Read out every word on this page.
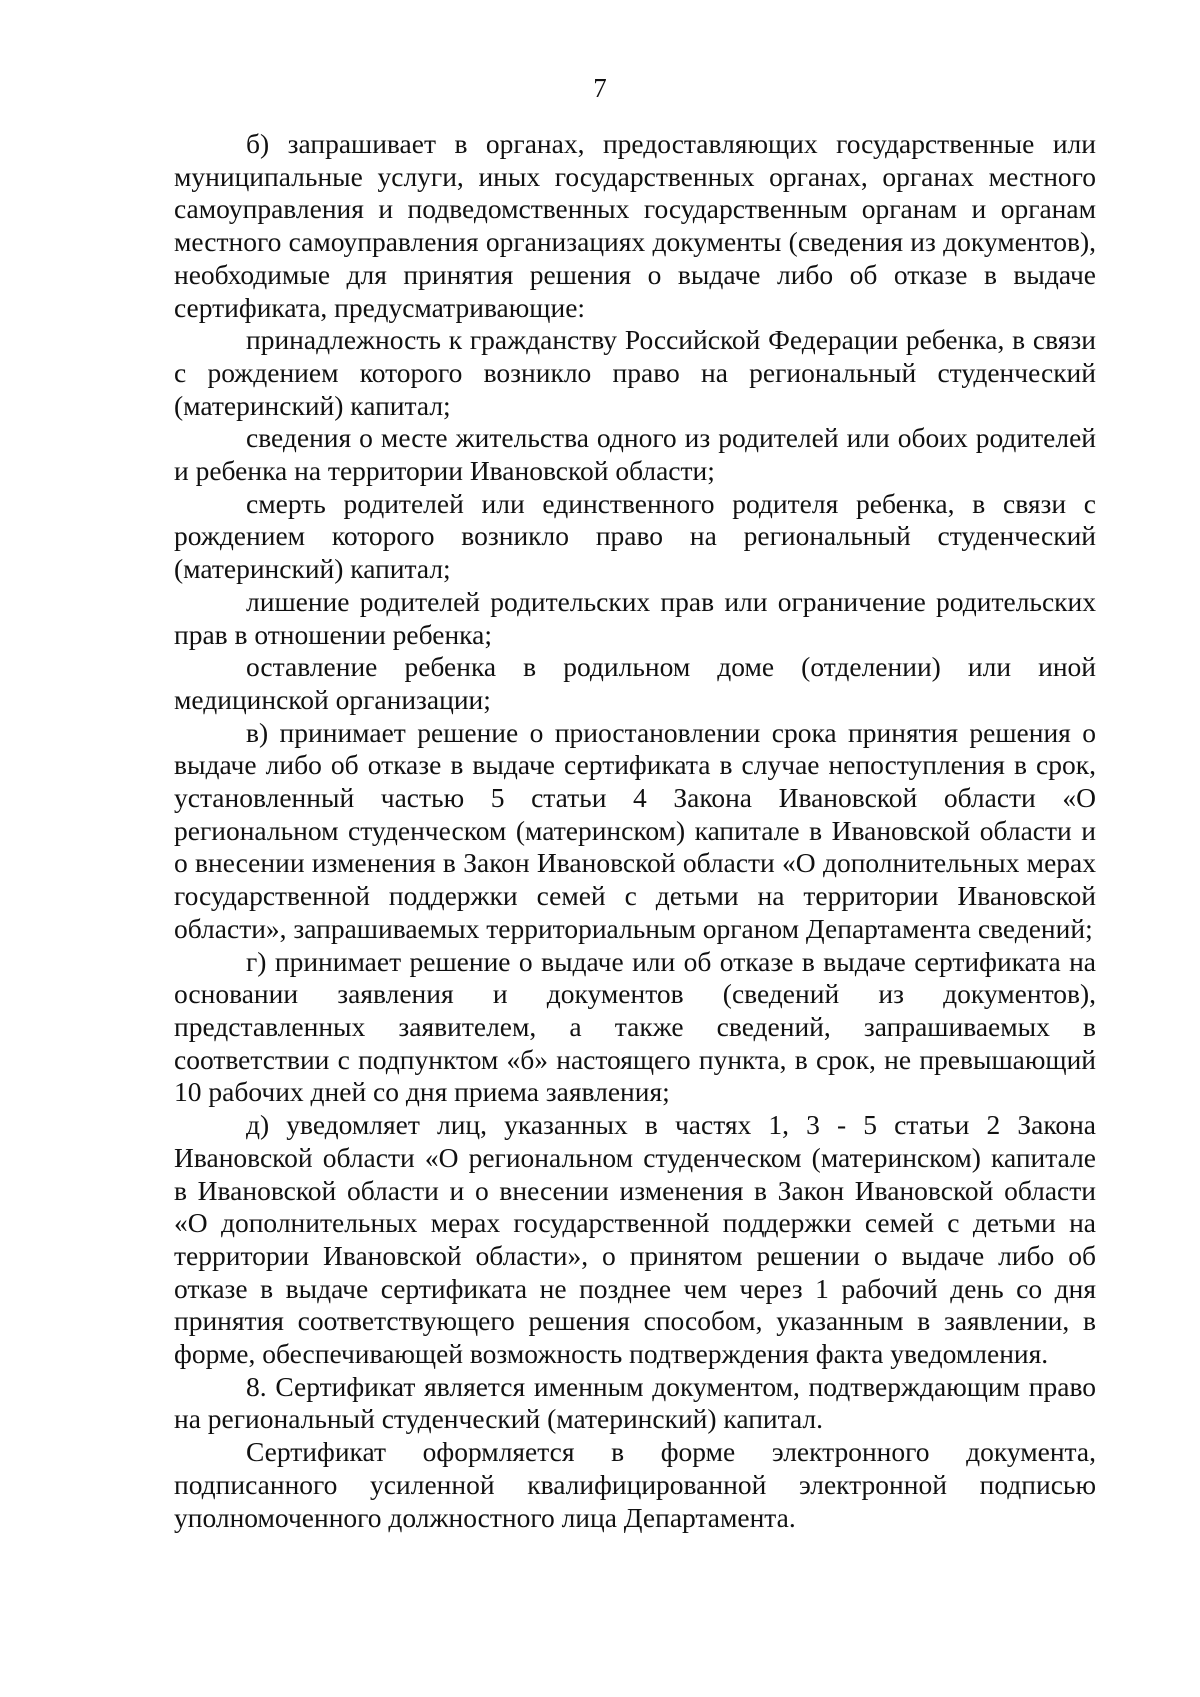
7

б) запрашивает в органах, предоставляющих государственные или муниципальные услуги, иных государственных органах, органах местного самоуправления и подведомственных государственным органам и органам местного самоуправления организациях документы (сведения из документов), необходимые для принятия решения о выдаче либо об отказе в выдаче сертификата, предусматривающие:

принадлежность к гражданству Российской Федерации ребенка, в связи с рождением которого возникло право на региональный студенческий (материнский) капитал;

сведения о месте жительства одного из родителей или обоих родителей и ребенка на территории Ивановской области;

смерть родителей или единственного родителя ребенка, в связи с рождением которого возникло право на региональный студенческий (материнский) капитал;

лишение родителей родительских прав или ограничение родительских прав в отношении ребенка;

оставление ребенка в родильном доме (отделении) или иной медицинской организации;

в) принимает решение о приостановлении срока принятия решения о выдаче либо об отказе в выдаче сертификата в случае непоступления в срок, установленный частью 5 статьи 4 Закона Ивановской области «О региональном студенческом (материнском) капитале в Ивановской области и о внесении изменения в Закон Ивановской области «О дополнительных мерах государственной поддержки семей с детьми на территории Ивановской области», запрашиваемых территориальным органом Департамента сведений;

г) принимает решение о выдаче или об отказе в выдаче сертификата на основании заявления и документов (сведений из документов), представленных заявителем, а также сведений, запрашиваемых в соответствии с подпунктом «б» настоящего пункта, в срок, не превышающий 10 рабочих дней со дня приема заявления;

д) уведомляет лиц, указанных в частях 1, 3 - 5 статьи 2 Закона Ивановской области «О региональном студенческом (материнском) капитале в Ивановской области и о внесении изменения в Закон Ивановской области «О дополнительных мерах государственной поддержки семей с детьми на территории Ивановской области», о принятом решении о выдаче либо об отказе в выдаче сертификата не позднее чем через 1 рабочий день со дня принятия соответствующего решения способом, указанным в заявлении, в форме, обеспечивающей возможность подтверждения факта уведомления.

8. Сертификат является именным документом, подтверждающим право на региональный студенческий (материнский) капитал.

Сертификат оформляется в форме электронного документа, подписанного усиленной квалифицированной электронной подписью уполномоченного должностного лица Департамента.
